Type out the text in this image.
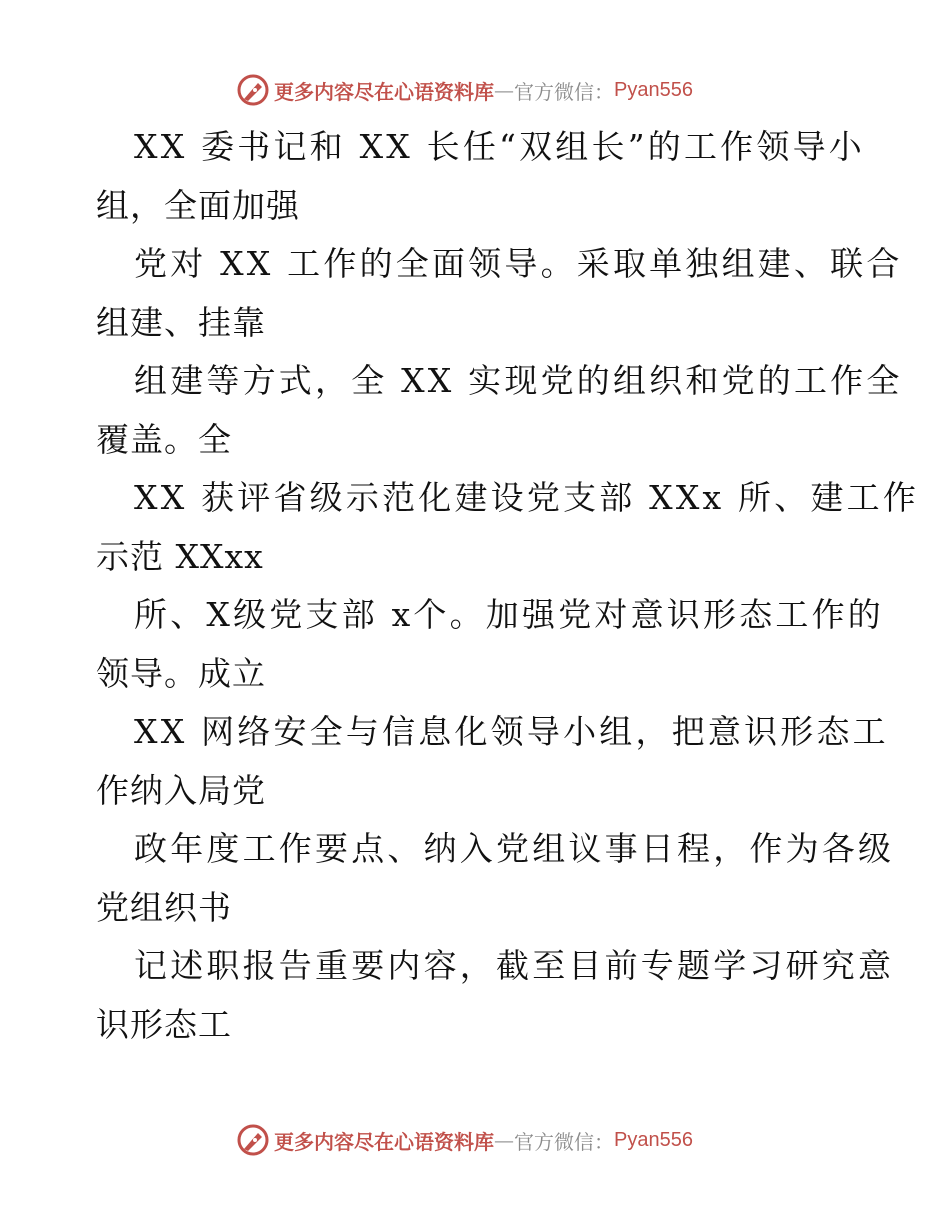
更多内容尽在心语资料库 — 官方微信： Pyan556
XX 委书记和 XX 长任“双组长”的工作领导小
组，全面加强
党对 XX 工作的全面领导。采取单独组建、联合
组建、挂靠
组建等方式，全 XX 实现党的组织和党的工作全
覆盖。全
XX 获评省级示范化建设党支部 XXx 所、建工作
示范 XXxx
所、X级党支部 x个。加强党对意识形态工作的
领导。成立
XX 网络安全与信息化领导小组，把意识形态工
作纳入局党
政年度工作要点、纳入党组议事日程，作为各级
党组织书
记述职报告重要内容，截至目前专题学习研究意
识形态工
更多内容尽在心语资料库 — 官方微信： Pyan556
